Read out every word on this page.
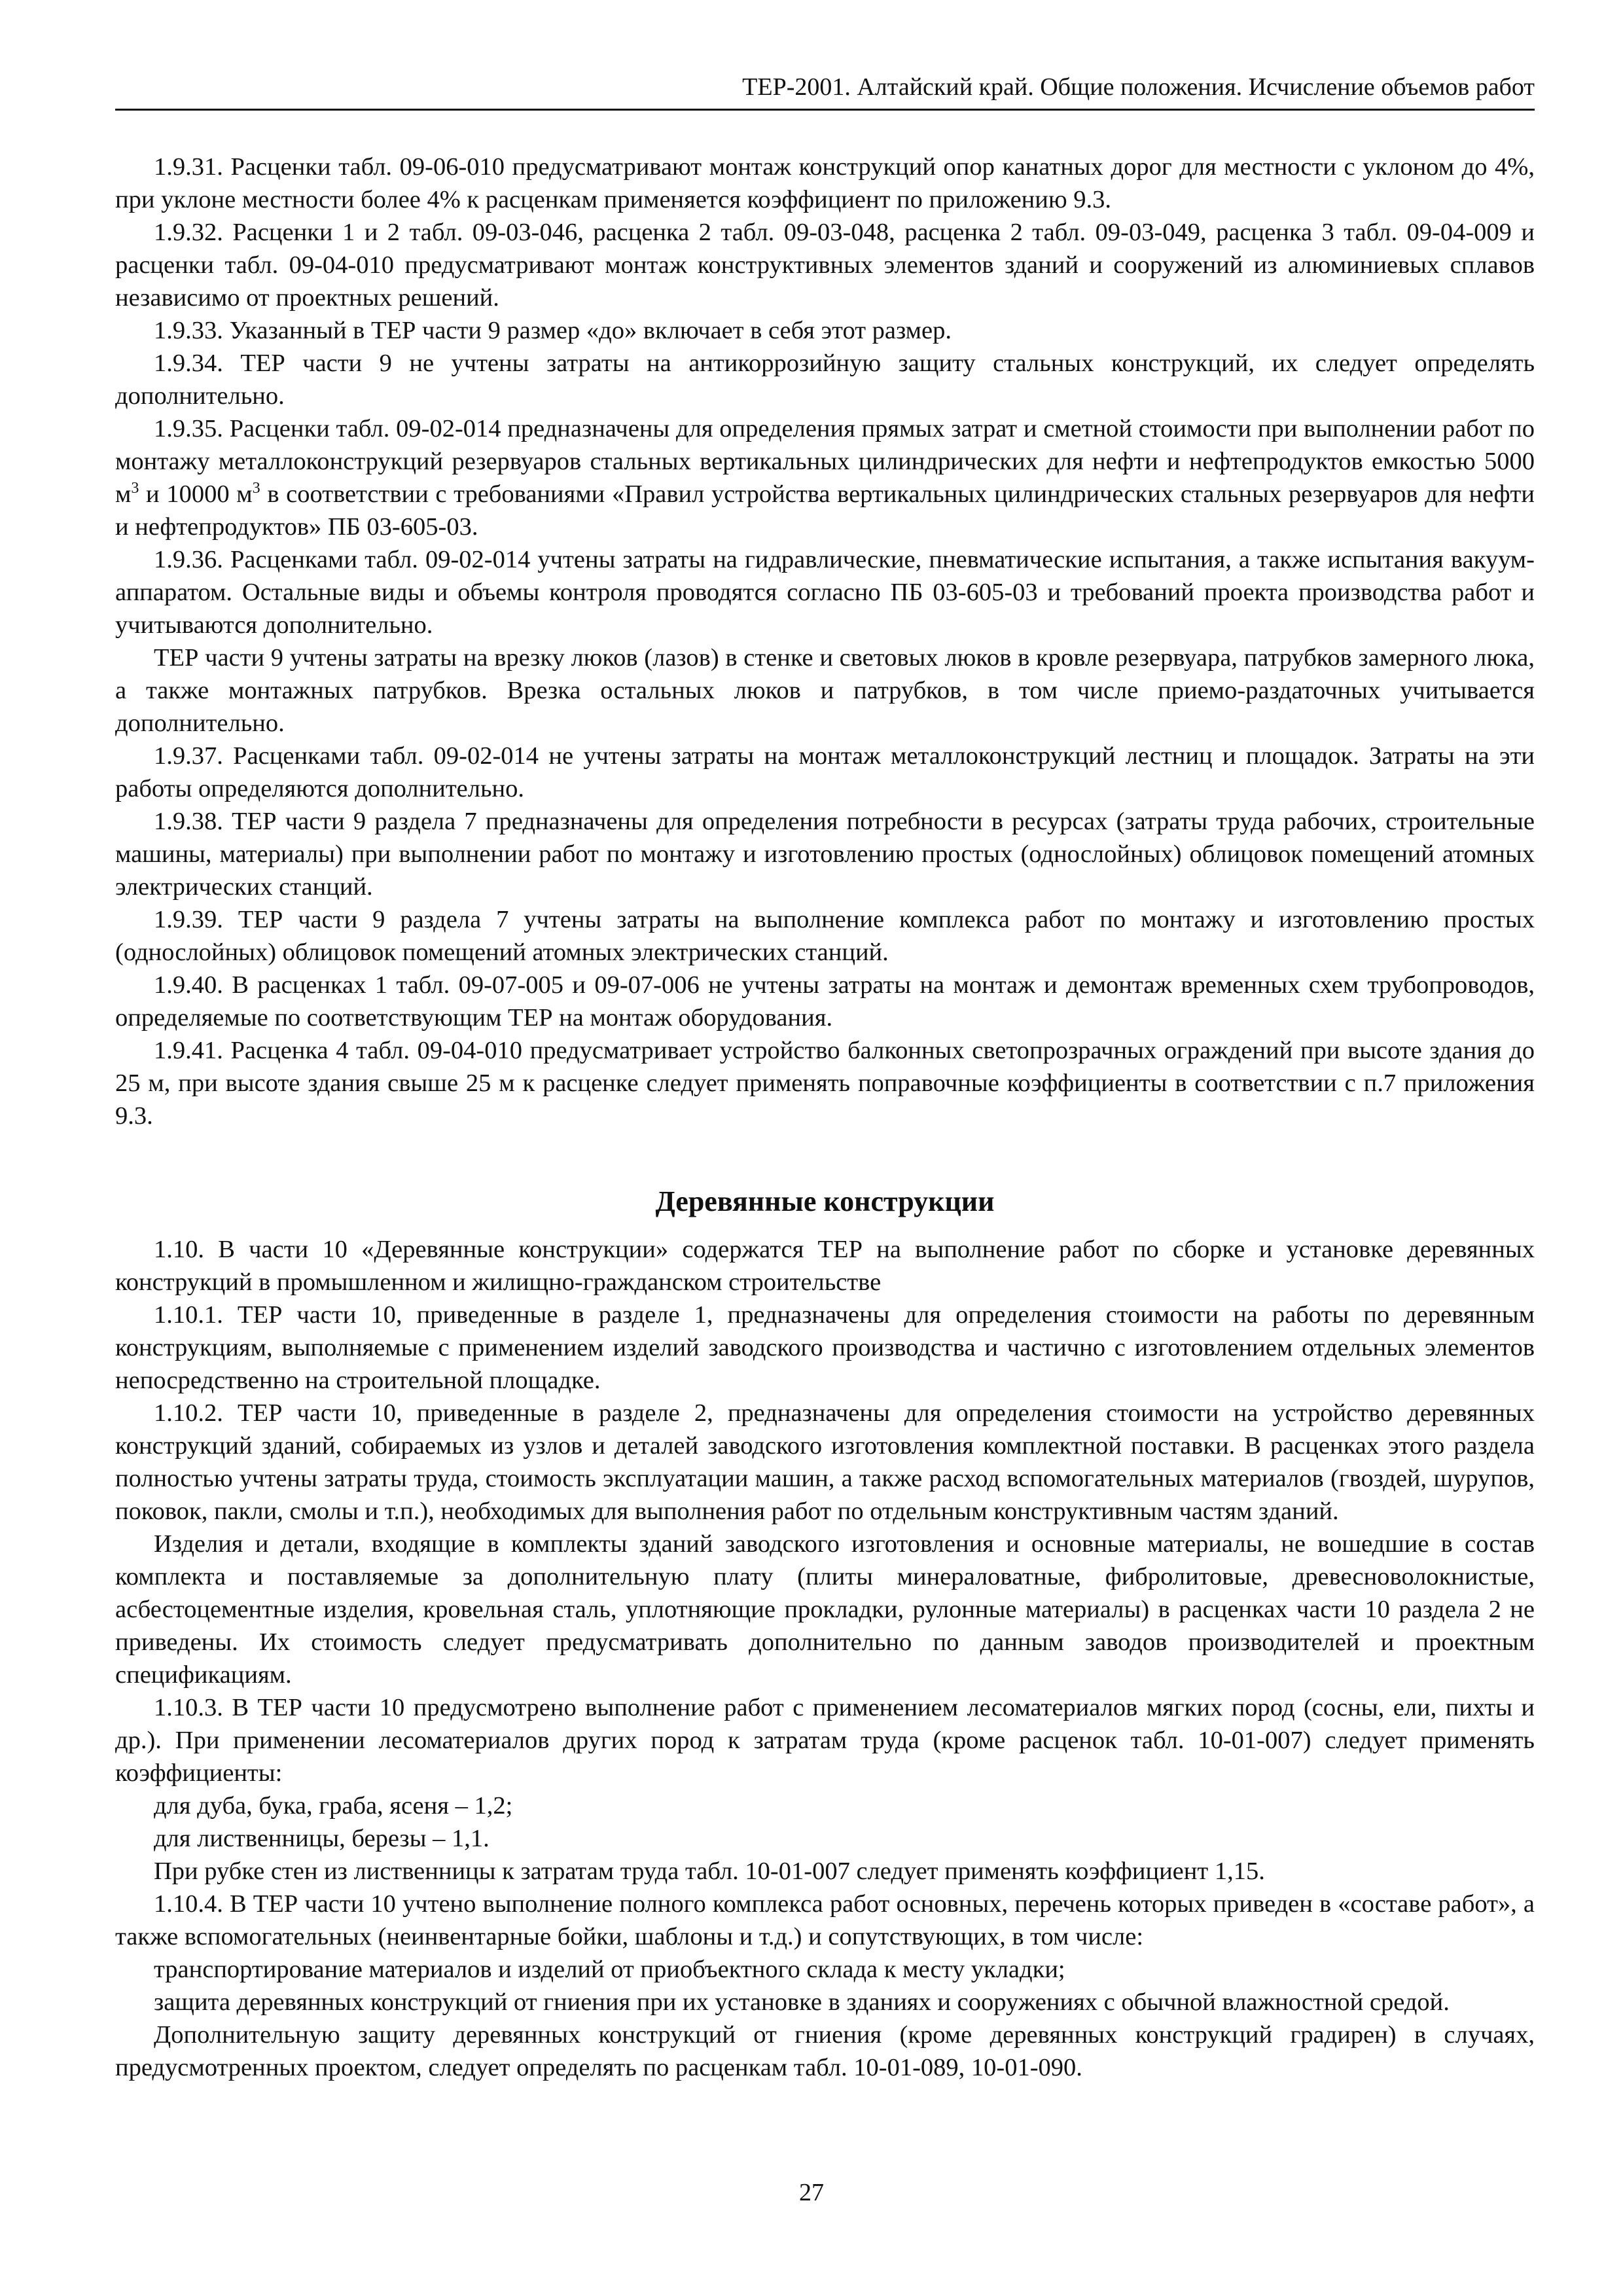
ТЕР-2001. Алтайский край. Общие положения. Исчисление объемов работ

1.9.31. Расценки табл. 09-06-010 предусматривают монтаж конструкций опор канатных дорог для местности с уклоном до 4%, при уклоне местности более 4% к расценкам применяется коэффициент по приложению 9.3.

1.9.32. Расценки 1 и 2 табл. 09-03-046, расценка 2 табл. 09-03-048, расценка 2 табл. 09-03-049, расценка 3 табл. 09-04-009 и расценки табл. 09-04-010 предусматривают монтаж конструктивных элементов зданий и сооружений из алюминиевых сплавов независимо от проектных решений.

1.9.33. Указанный в ТЕР части 9 размер «до» включает в себя этот размер.

1.9.34. ТЕР части 9 не учтены затраты на антикоррозийную защиту стальных конструкций, их следует определять дополнительно.

1.9.35. Расценки табл. 09-02-014 предназначены для определения прямых затрат и сметной стоимости при выполнении работ по монтажу металлоконструкций резервуаров стальных вертикальных цилиндрических для нефти и нефтепродуктов емкостью 5000 $м^3$ и 10000 $м^3$ в соответствии с требованиями «Правил устройства вертикальных цилиндрических стальных резервуаров для нефти и нефтепродуктов» ПБ 03-605-03.

1.9.36. Расценками табл. 09-02-014 учтены затраты на гидравлические, пневматические испытания, а также испытания вакуум-аппаратом. Остальные виды и объемы контроля проводятся согласно ПБ 03-605-03 и требований проекта производства работ и учитываются дополнительно.

ТЕР части 9 учтены затраты на врезку люков (лазов) в стенке и световых люков в кровле резервуара, патрубков замерного люка, а также монтажных патрубков. Врезка остальных люков и патрубков, в том числе приемо-раздаточных учитывается дополнительно.

1.9.37. Расценками табл. 09-02-014 не учтены затраты на монтаж металлоконструкций лестниц и площадок. Затраты на эти работы определяются дополнительно.

1.9.38. ТЕР части 9 раздела 7 предназначены для определения потребности в ресурсах (затраты труда рабочих, строительные машины, материалы) при выполнении работ по монтажу и изготовлению простых (однослойных) облицовок помещений атомных электрических станций.

1.9.39. ТЕР части 9 раздела 7 учтены затраты на выполнение комплекса работ по монтажу и изготовлению простых (однослойных) облицовок помещений атомных электрических станций.

1.9.40. В расценках 1 табл. 09-07-005 и 09-07-006 не учтены затраты на монтаж и демонтаж временных схем трубопроводов, определяемые по соответствующим ТЕР на монтаж оборудования.

1.9.41. Расценка 4 табл. 09-04-010 предусматривает устройство балконных светопрозрачных ограждений при высоте здания до 25 м, при высоте здания свыше 25 м к расценке следует применять поправочные коэффициенты в соответствии с п.7 приложения 9.3.

Деревянные конструкции

1.10. В части 10 «Деревянные конструкции» содержатся ТЕР на выполнение работ по сборке и установке деревянных конструкций в промышленном и жилищно-гражданском строительстве

1.10.1. ТЕР части 10, приведенные в разделе 1, предназначены для определения стоимости на работы по деревянным конструкциям, выполняемые с применением изделий заводского производства и частично с изготовлением отдельных элементов непосредственно на строительной площадке.

1.10.2. ТЕР части 10, приведенные в разделе 2, предназначены для определения стоимости на устройство деревянных конструкций зданий, собираемых из узлов и деталей заводского изготовления комплектной поставки. В расценках этого раздела полностью учтены затраты труда, стоимость эксплуатации машин, а также расход вспомогательных материалов (гвоздей, шурупов, поковок, пакли, смолы и т.п.), необходимых для выполнения работ по отдельным конструктивным частям зданий.

Изделия и детали, входящие в комплекты зданий заводского изготовления и основные материалы, не вошедшие в состав комплекта и поставляемые за дополнительную плату (плиты минераловатные, фибролитовые, древесноволокнистые, асбестоцементные изделия, кровельная сталь, уплотняющие прокладки, рулонные материалы) в расценках части 10 раздела 2 не приведены. Их стоимость следует предусматривать дополнительно по данным заводов производителей и проектным спецификациям.

1.10.3. В ТЕР части 10 предусмотрено выполнение работ с применением лесоматериалов мягких пород (сосны, ели, пихты и др.). При применении лесоматериалов других пород к затратам труда (кроме расценок табл. 10-01-007) следует применять коэффициенты:

для дуба, бука, граба, ясеня – 1,2;

для лиственницы, березы – 1,1.

При рубке стен из лиственницы к затратам труда табл. 10-01-007 следует применять коэффициент 1,15.

1.10.4. В ТЕР части 10 учтено выполнение полного комплекса работ основных, перечень которых приведен в «составе работ», а также вспомогательных (неинвентарные бойки, шаблоны и т.д.) и сопутствующих, в том числе:

транспортирование материалов и изделий от приобъектного склада к месту укладки;

защита деревянных конструкций от гниения при их установке в зданиях и сооружениях с обычной влажностной средой.

Дополнительную защиту деревянных конструкций от гниения (кроме деревянных конструкций градирен) в случаях, предусмотренных проектом, следует определять по расценкам табл. 10-01-089, 10-01-090.

27
